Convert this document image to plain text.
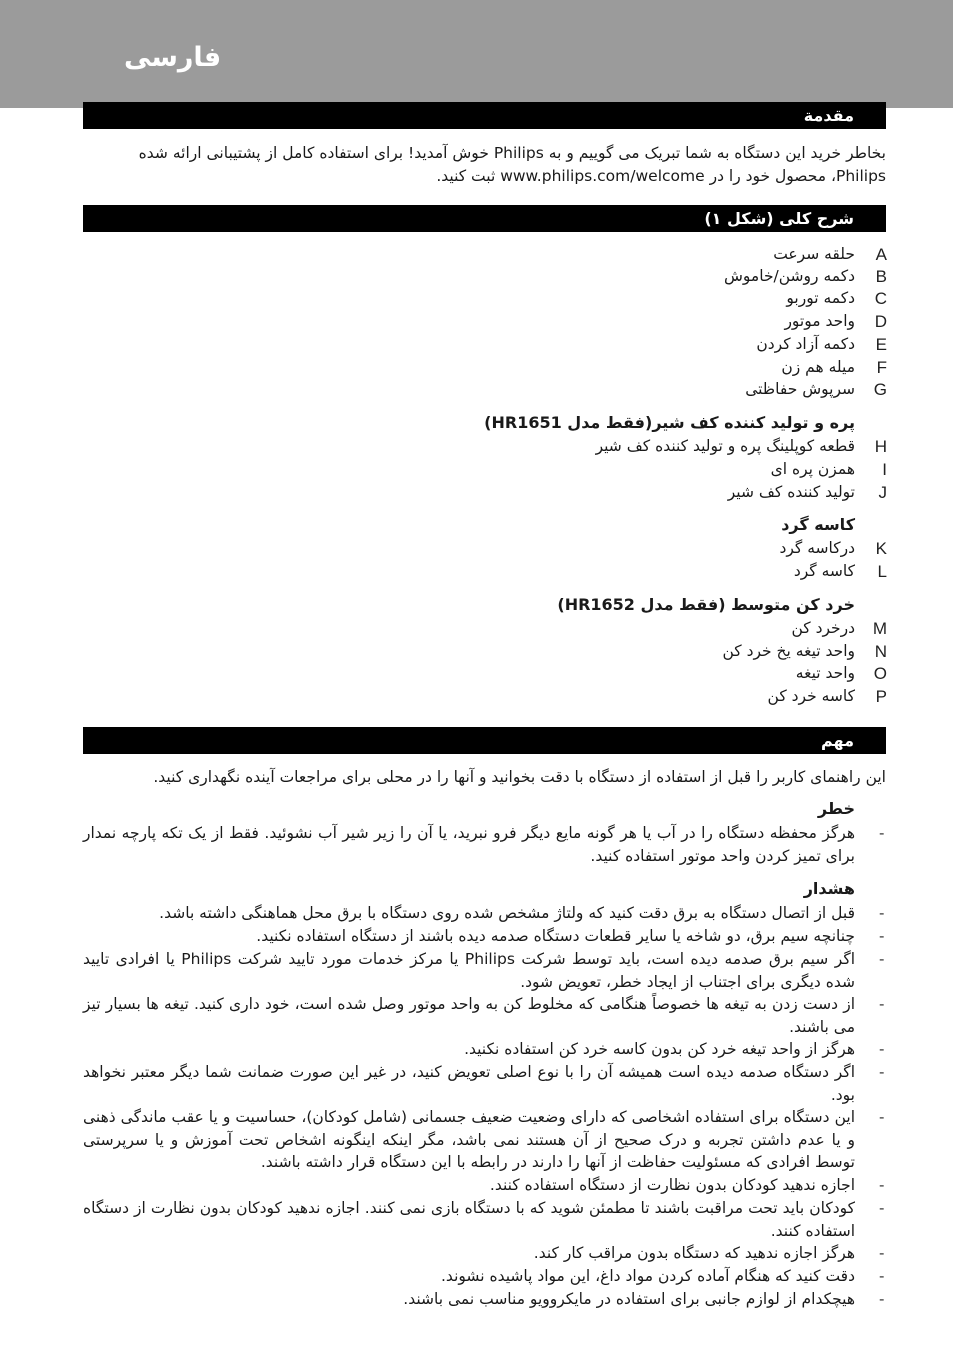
فارسی
مقدمة
بخاطر خرید این دستگاه به شما تبریک می گوییم و به Philips خوش آمدید! برای استفاده کامل از پشتیبانی ارائه شده Philips، محصول خود را در www.philips.com/welcome ثبت کنید.
شرح کلی (شکل ۱)
A
حلقه سرعت
B
دکمه روشن/خاموش
C
دکمه توربو
D
واحد موتور
E
دکمه آزاد کردن
F
میله هم زن
G
سرپوش حفاظتی
پره و تولید کننده کف شیر(فقط مدل HR1651)
H
قطعه کوپلینگ پره و تولید کننده کف شیر
I
همزن پره ای
J
تولید کننده کف شیر
کاسه گرد
K
درکاسه گرد
L
کاسه گرد
خرد کن متوسط (فقط مدل HR1652)
M
درخرد کن
N
واحد تیغه یخ خرد کن
O
واحد تیغه
P
کاسه خرد کن
مهم
این راهنمای کاربر را قبل از استفاده از دستگاه با دقت بخوانید و آنها را در محلی برای مراجعات آینده نگهداری کنید.
خطر
-
هرگز محفظه دستگاه را در آب یا هر گونه مایع دیگر فرو نبرید، یا آن را زیر شیر آب نشوئید. فقط از یک تکه پارچه نمدار برای تمیز کردن واحد موتور استفاده کنید.
هشدار
-
قبل از اتصال دستگاه به برق دقت کنید که ولتاژ مشخص شده روی دستگاه با برق محل هماهنگی داشته باشد.
-
چنانچه سیم برق، دو شاخه یا سایر قطعات دستگاه صدمه دیده باشند از دستگاه استفاده نکنید.
-
اگر سیم برق صدمه دیده است، باید توسط شرکت Philips یا مرکز خدمات مورد تایید شرکت Philips یا افرادی تایید شده دیگری برای اجتناب از ایجاد خطر، تعویض شود.
-
از دست زدن به تیغه ها خصوصاً هنگامی که مخلوط کن به واحد موتور وصل شده است، خود داری کنید. تیغه ها بسیار تیز می باشند.
-
هرگز از واحد تیغه خرد کن بدون کاسه خرد کن استفاده نکنید.
-
اگر دستگاه صدمه دیده است همیشه آن را با نوع اصلی تعویض کنید، در غیر این صورت ضمانت شما دیگر معتبر نخواهد بود.
-
این دستگاه برای استفاده اشخاصی که دارای وضعیت ضعیف جسمانی (شامل کودکان)، حساسیت و یا عقب ماندگی ذهنی و یا عدم داشتن تجربه و درک صحیح از آن هستند نمی باشد، مگر اینکه اینگونه اشخاص تحت آموزش و یا سرپرستی توسط افرادی که مسئولیت حفاظت از آنها را دارند در رابطه با این دستگاه قرار داشته باشند.
-
اجازه ندهید کودکان بدون نظارت از دستگاه استفاده کنند.
-
کودکان باید تحت مراقبت باشند تا مطمئن شوید که با دستگاه بازی نمی کنند. اجازه ندهید کودکان بدون نظارت از دستگاه استفاده کنند.
-
هرگز اجازه ندهید که دستگاه بدون مراقب کار کند.
-
دقت کنید که هنگام آماده کردن مواد داغ، این مواد پاشیده نشوند.
-
هیچکدام از لوازم جانبی برای استفاده در مایکروویو مناسب نمی باشند.
